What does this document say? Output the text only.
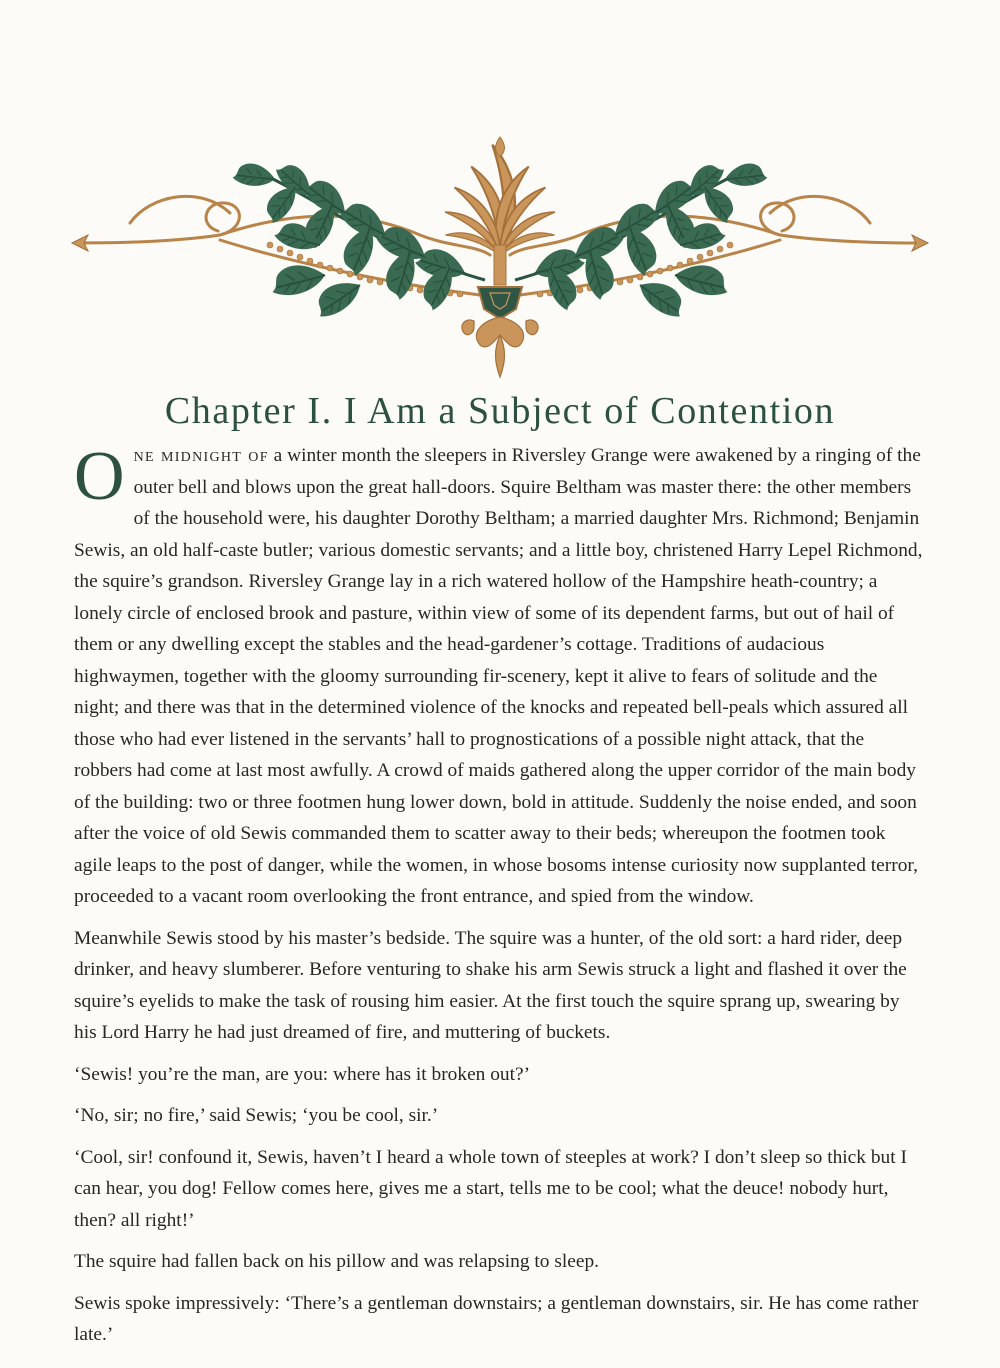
Chapter I. I Am a Subject of Contention

One midnight of a winter month the sleepers in Riversley Grange were awakened by a ringing of the outer bell and blows upon the great hall-doors. Squire Beltham was master there: the other members of the household were, his daughter Dorothy Beltham; a married daughter Mrs. Richmond; Benjamin Sewis, an old half-caste butler; various domestic servants; and a little boy, christened Harry Lepel Richmond, the squire’s grandson. Riversley Grange lay in a rich watered hollow of the Hampshire heath-country; a lonely circle of enclosed brook and pasture, within view of some of its dependent farms, but out of hail of them or any dwelling except the stables and the head-gardener’s cottage. Traditions of audacious highwaymen, together with the gloomy surrounding fir-scenery, kept it alive to fears of solitude and the night; and there was that in the determined violence of the knocks and repeated bell-peals which assured all those who had ever listened in the servants’ hall to prognostications of a possible night attack, that the robbers had come at last most awfully. A crowd of maids gathered along the upper corridor of the main body of the building: two or three footmen hung lower down, bold in attitude. Suddenly the noise ended, and soon after the voice of old Sewis commanded them to scatter away to their beds; whereupon the footmen took agile leaps to the post of danger, while the women, in whose bosoms intense curiosity now supplanted terror, proceeded to a vacant room overlooking the front entrance, and spied from the window.

Meanwhile Sewis stood by his master’s bedside. The squire was a hunter, of the old sort: a hard rider, deep drinker, and heavy slumberer. Before venturing to shake his arm Sewis struck a light and flashed it over the squire’s eyelids to make the task of rousing him easier. At the first touch the squire sprang up, swearing by his Lord Harry he had just dreamed of fire, and muttering of buckets.

‘Sewis! you’re the man, are you: where has it broken out?’

‘No, sir; no fire,’ said Sewis; ‘you be cool, sir.’

‘Cool, sir! confound it, Sewis, haven’t I heard a whole town of steeples at work? I don’t sleep so thick but I can hear, you dog! Fellow comes here, gives me a start, tells me to be cool; what the deuce! nobody hurt, then? all right!’

The squire had fallen back on his pillow and was relapsing to sleep.

Sewis spoke impressively: ‘There’s a gentleman downstairs; a gentleman downstairs, sir. He has come rather late.’
